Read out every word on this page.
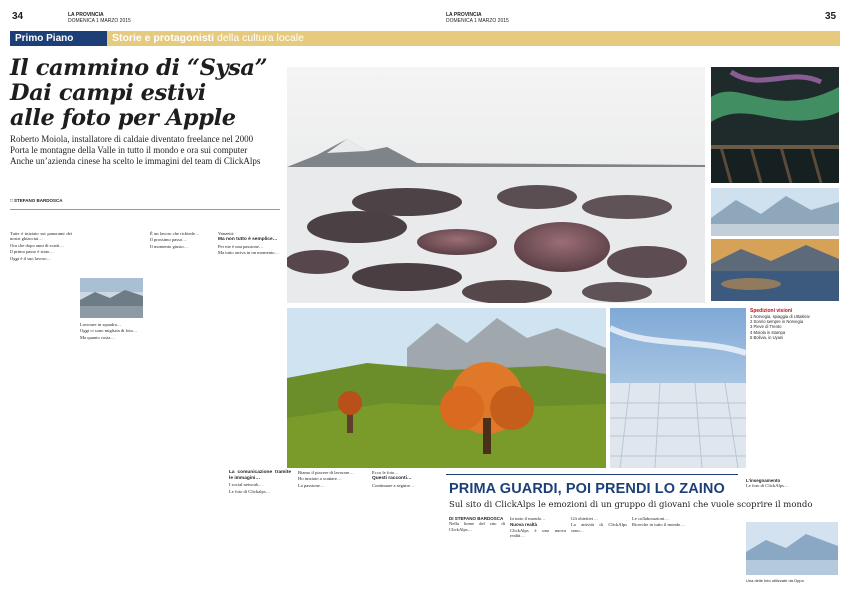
34	LA PROVINCIA
DOMENICA 1 MARZO 2015
LA PROVINCIA
DOMENICA 1 MARZO 2015	35
Primo Piano	Storie e protagonisti della cultura locale
Il cammino di “Sysa”
Dai campi estivi
alle foto per Apple

Roberto Moiola, installatore di caldaie diventato freelance nel 2000
Porta le montagne della Valle in tutto il mondo e ora sui computer
Anche un’azienda cinese ha scelto le immagini del team di ClickAlps

□ STEFANO BARDOSCA

Tutte è iniziato sui panorami dei nostri ghiacciai…

Ora che dopo anni di scatti…

Il primo passo è stato…

Oggi è il suo lavoro…

Lavorare in squadra…

Oggi ci sono migliaia di foto…

Ma quanto costa…

È un lavoro che richiede…

Il prossimo passo…

Il momento giusto…

Vanzetti:

Ma non tutto è semplice…

Per me è una passione…

Ma tutto arriva in un momento…

La comunicazione tramite le immagini…

I social network…

Le foto di Clickalps…

Biamo il piacere di lavorare…

Ho iniziato a scattare…

La passione…

Ecco le foto…

Questi racconti…

Continuare a seguire…

Spedizioni visioni
1 Norvegia, spiaggia di Uttakleiv
2 Sonno sempre in Norvegia
3 Pieve di Trento
4 Moiola in stampa
5 Bolivia, in Uyuni
PRIMA GUARDI, POI PRENDI LO ZAINO
Sul sito di ClickAlps le emozioni di un gruppo di giovani che vuole scoprire il mondo
DI STEFANO BARDOSCA

Nella home del sito di ClickAlps…

In tutto il mondo…

Nuova realtà

ClickAlps è una nuova realtà…

Gli obiettivi…

La attività di ClickAlps sono…

Le collaborazioni…

Ricerche in tutto il mondo…

L’insegnamento

Le foto di ClickAlps…

Una delle foto utilizzate da Oppo
